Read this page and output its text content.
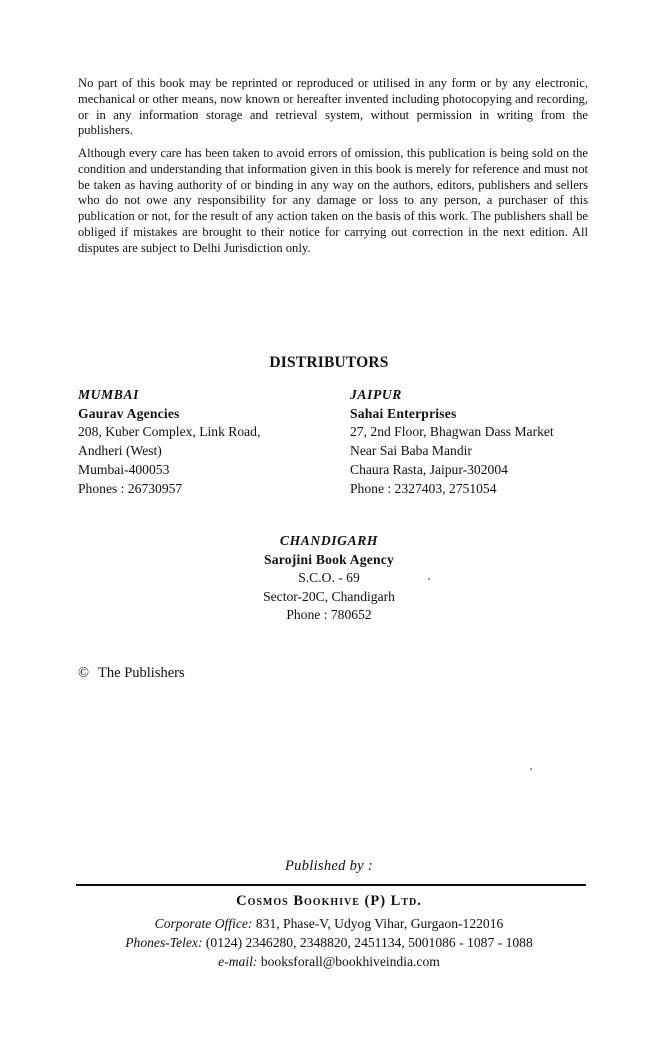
No part of this book may be reprinted or reproduced or utilised in any form or by any electronic, mechanical or other means, now known or hereafter invented including photocopying and recording, or in any information storage and retrieval system, without permission in writing from the publishers.

Although every care has been taken to avoid errors of omission, this publication is being sold on the condition and understanding that information given in this book is merely for reference and must not be taken as having authority of or binding in any way on the authors, editors, publishers and sellers who do not owe any responsibility for any damage or loss to any person, a purchaser of this publication or not, for the result of any action taken on the basis of this work. The publishers shall be obliged if mistakes are brought to their notice for carrying out correction in the next edition. All disputes are subject to Delhi Jurisdiction only.

DISTRIBUTORS
MUMBAI
Gaurav Agencies
208, Kuber Complex, Link Road,
Andheri (West)
Mumbai-400053
Phones : 26730957
JAIPUR
Sahai Enterprises
27, 2nd Floor, Bhagwan Dass Market
Near Sai Baba Mandir
Chaura Rasta, Jaipur-302004
Phone : 2327403, 2751054
CHANDIGARH
Sarojini Book Agency
S.C.O. - 69
Sector-20C, Chandigarh
Phone : 780652
© The Publishers
Published by :
Cosmos Bookhive (P) Ltd.
Corporate Office: 831, Phase-V, Udyog Vihar, Gurgaon-122016
Phones-Telex: (0124) 2346280, 2348820, 2451134, 5001086 - 1087 - 1088
e-mail: booksforall@bookhiveindia.com
